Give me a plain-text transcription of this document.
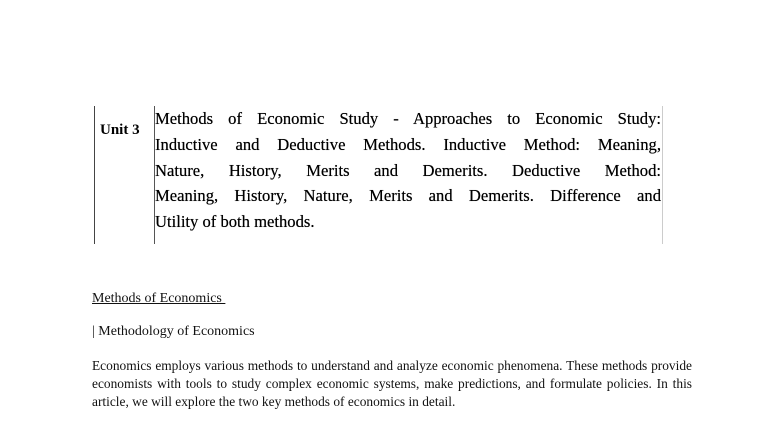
Unit 3
Methods of Economic Study - Approaches to Economic Study:
Inductive and Deductive Methods. Inductive Method: Meaning,
Nature, History, Merits and Demerits. Deductive Method:
Meaning, History, Nature, Merits and Demerits. Difference and
Utility of both methods.
Methods of Economics
| Methodology of Economics
Economics employs various methods to understand and analyze economic phenomena. These methods provide economists with tools to study complex economic systems, make predictions, and formulate policies. In this article, we will explore the two key methods of economics in detail.
